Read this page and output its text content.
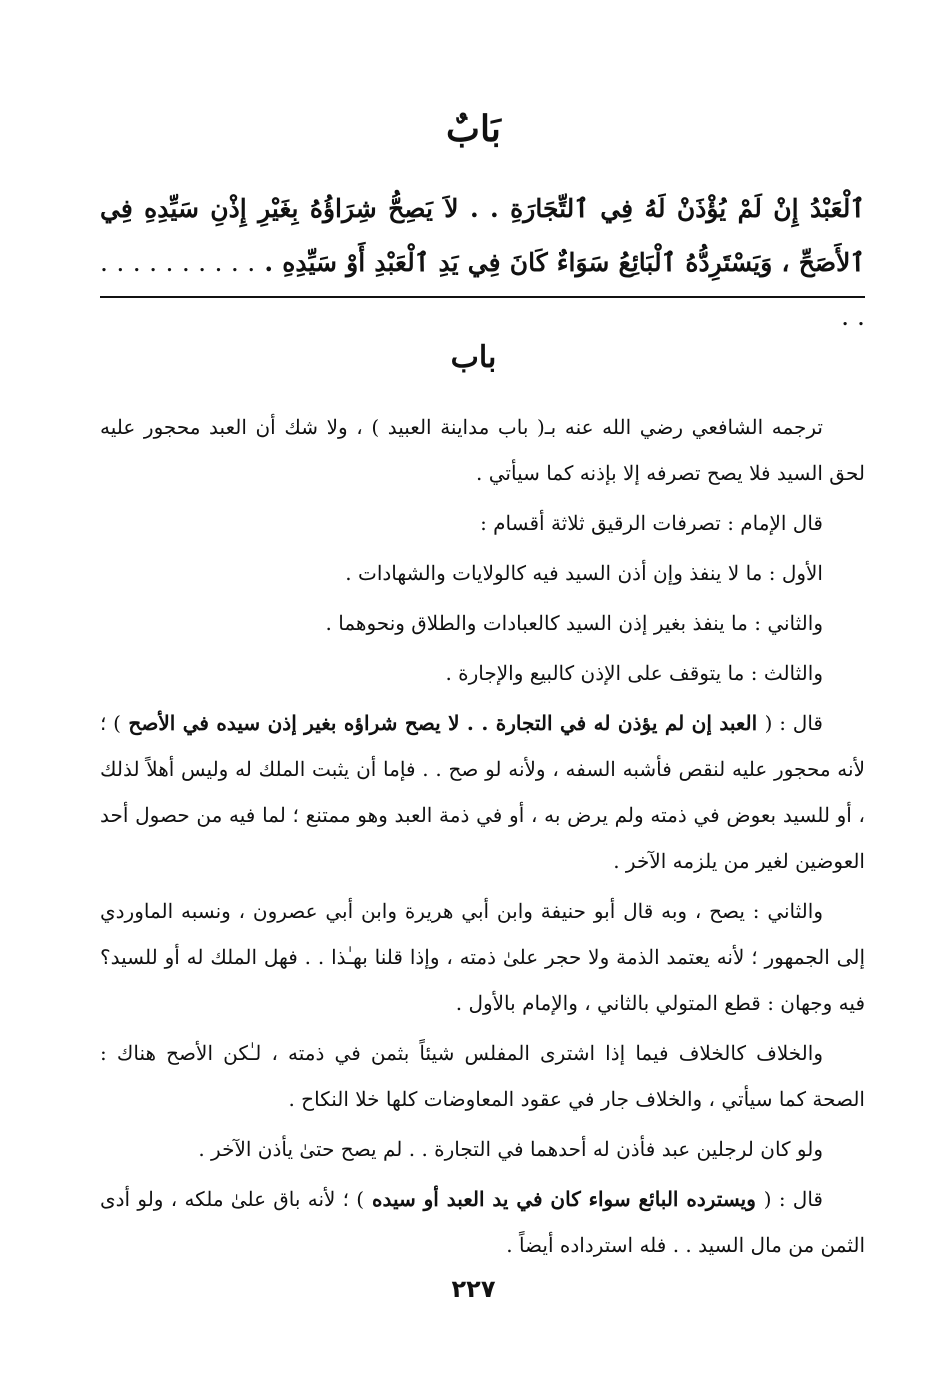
بَابٌ
ٱلْعَبْدُ إِنْ لَمْ يُؤْذَنْ لَهُ فِي ٱلتِّجَارَةِ . . لاَ يَصِحُّ شِرَاؤُهُ بِغَيْرِ إِذْنِ سَيِّدِهِ فِي ٱلأَصَحِّ ، وَيَسْتَرِدُّهُ ٱلْبَائِعُ سَوَاءٌ كَانَ فِي يَدِ ٱلْعَبْدِ أَوْ سَيِّدِهِ . . . . . . . . . . . . .
باب

ترجمه الشافعي رضي الله عنه بـ( باب مداينة العبيد ) ، ولا شك أن العبد محجور عليه لحق السيد فلا يصح تصرفه إلا بإذنه كما سيأتي .

قال الإمام : تصرفات الرقيق ثلاثة أقسام :

الأول : ما لا ينفذ وإن أذن السيد فيه كالولايات والشهادات .

والثاني : ما ينفذ بغير إذن السيد كالعبادات والطلاق ونحوهما .

والثالث : ما يتوقف على الإذن كالبيع والإجارة .

قال : ( العبد إن لم يؤذن له في التجارة . . لا يصح شراؤه بغير إذن سيده في الأصح ) ؛ لأنه محجور عليه لنقص فأشبه السفه ، ولأنه لو صح . . فإما أن يثبت الملك له وليس أهلاً لذلك ، أو للسيد بعوض في ذمته ولم يرض به ، أو في ذمة العبد وهو ممتنع ؛ لما فيه من حصول أحد العوضين لغير من يلزمه الآخر .

والثاني : يصح ، وبه قال أبو حنيفة وابن أبي هريرة وابن أبي عصرون ، ونسبه الماوردي إلى الجمهور ؛ لأنه يعتمد الذمة ولا حجر علىٰ ذمته ، وإذا قلنا بهـٰذا . . فهل الملك له أو للسيد؟ فيه وجهان : قطع المتولي بالثاني ، والإمام بالأول .

والخلاف كالخلاف فيما إذا اشترى المفلس شيئاً بثمن في ذمته ، لـٰكن الأصح هناك : الصحة كما سيأتي ، والخلاف جار في عقود المعاوضات كلها خلا النكاح .

ولو كان لرجلين عبد فأذن له أحدهما في التجارة . . لم يصح حتىٰ يأذن الآخر .

قال : ( ويسترده البائع سواء كان في يد العبد أو سيده ) ؛ لأنه باق علىٰ ملكه ، ولو أدى الثمن من مال السيد . . فله استرداده أيضاً .

٢٢٧
